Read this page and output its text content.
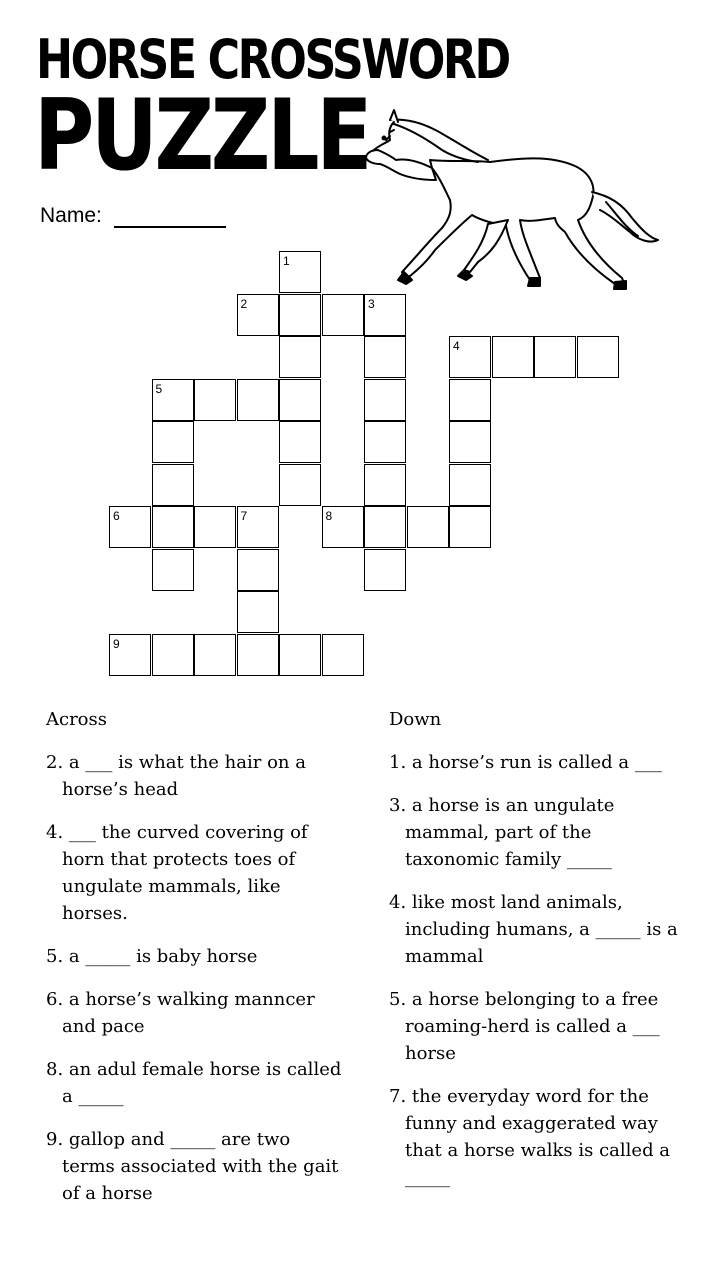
HORSE CROSSWORD
PUZZLE
Name:
1
2	3
4
5
6	7	8
9
Across
2. a ___ is what the hair on a horse’s head
4. ___ the curved covering of horn that protects toes of ungulate mammals, like horses.
5. a _____ is baby horse
6. a horse’s walking manncer and pace
8. an adul female horse is called a _____
9. gallop and _____ are two terms associated with the gait of a horse
Down
1. a horse’s run is called a ___
3. a horse is an ungulate mammal, part of the taxonomic family _____
4. like most land animals, including humans, a _____ is a mammal
5. a horse belonging to a free roaming-herd is called a ___ horse
7. the everyday word for the funny and exaggerated way that a horse walks is called a _____
